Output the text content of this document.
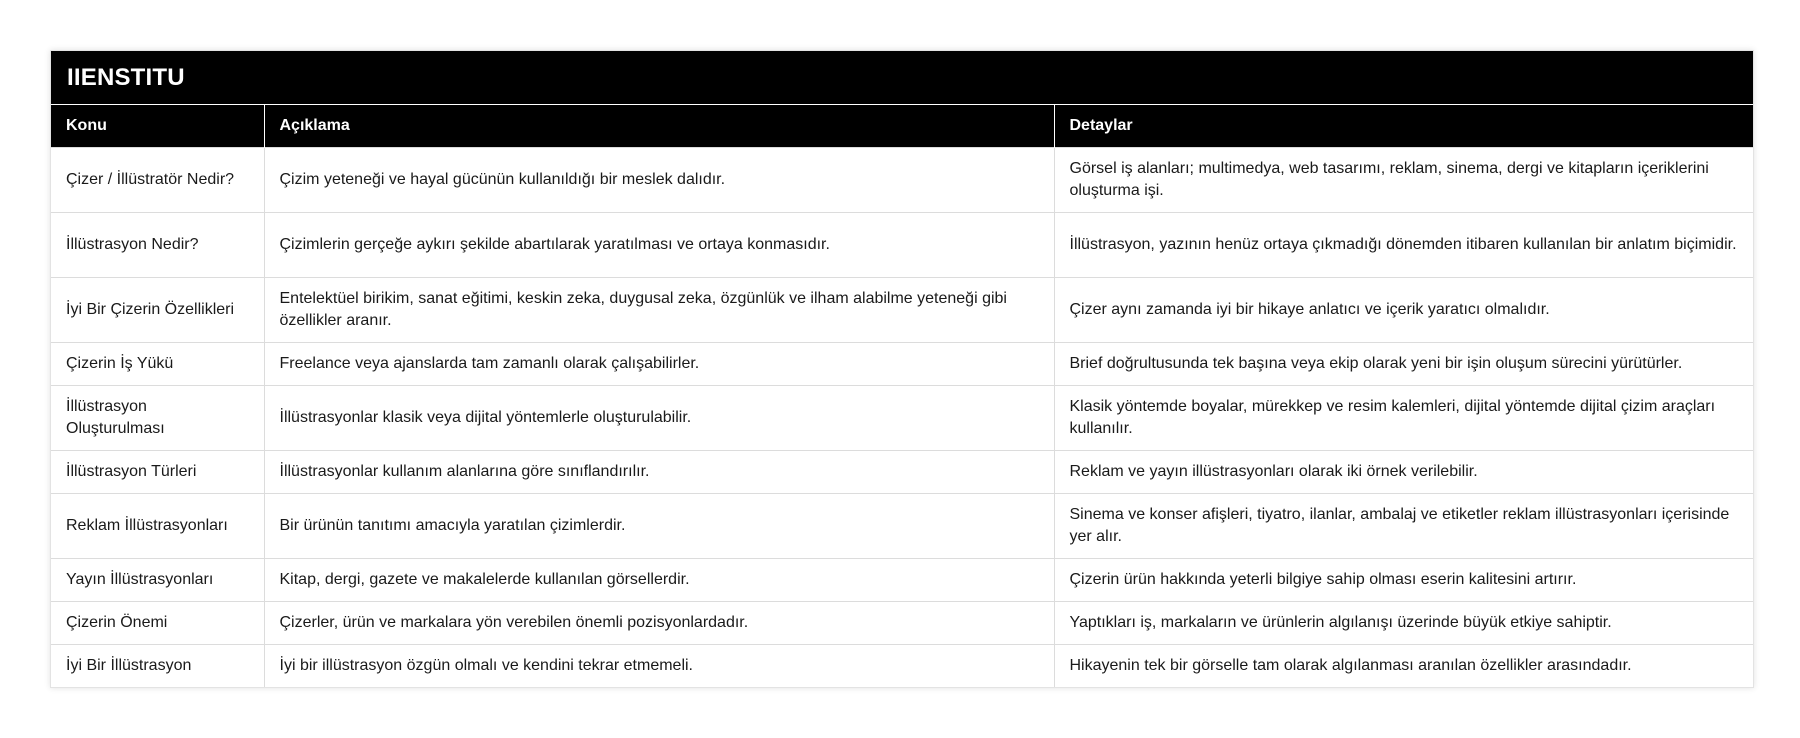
IIENSTITU
Konu	Açıklama	Detaylar
Çizer / İllüstratör Nedir?	Çizim yeteneği ve hayal gücünün kullanıldığı bir meslek dalıdır.	Görsel iş alanları; multimedya, web tasarımı, reklam, sinema, dergi ve kitapların içeriklerini oluşturma işi.
İllüstrasyon Nedir?	Çizimlerin gerçeğe aykırı şekilde abartılarak yaratılması ve ortaya konmasıdır.	İllüstrasyon, yazının henüz ortaya çıkmadığı dönemden itibaren kullanılan bir anlatım biçimidir.
İyi Bir Çizerin Özellikleri	Entelektüel birikim, sanat eğitimi, keskin zeka, duygusal zeka, özgünlük ve ilham alabilme yeteneği gibi özellikler aranır.	Çizer aynı zamanda iyi bir hikaye anlatıcı ve içerik yaratıcı olmalıdır.
Çizerin İş Yükü	Freelance veya ajanslarda tam zamanlı olarak çalışabilirler.	Brief doğrultusunda tek başına veya ekip olarak yeni bir işin oluşum sürecini yürütürler.
İllüstrasyon Oluşturulması	İllüstrasyonlar klasik veya dijital yöntemlerle oluşturulabilir.	Klasik yöntemde boyalar, mürekkep ve resim kalemleri, dijital yöntemde dijital çizim araçları kullanılır.
İllüstrasyon Türleri	İllüstrasyonlar kullanım alanlarına göre sınıflandırılır.	Reklam ve yayın illüstrasyonları olarak iki örnek verilebilir.
Reklam İllüstrasyonları	Bir ürünün tanıtımı amacıyla yaratılan çizimlerdir.	Sinema ve konser afişleri, tiyatro, ilanlar, ambalaj ve etiketler reklam illüstrasyonları içerisinde yer alır.
Yayın İllüstrasyonları	Kitap, dergi, gazete ve makalelerde kullanılan görsellerdir.	Çizerin ürün hakkında yeterli bilgiye sahip olması eserin kalitesini artırır.
Çizerin Önemi	Çizerler, ürün ve markalara yön verebilen önemli pozisyonlardadır.	Yaptıkları iş, markaların ve ürünlerin algılanışı üzerinde büyük etkiye sahiptir.
İyi Bir İllüstrasyon	İyi bir illüstrasyon özgün olmalı ve kendini tekrar etmemeli.	Hikayenin tek bir görselle tam olarak algılanması aranılan özellikler arasındadır.
